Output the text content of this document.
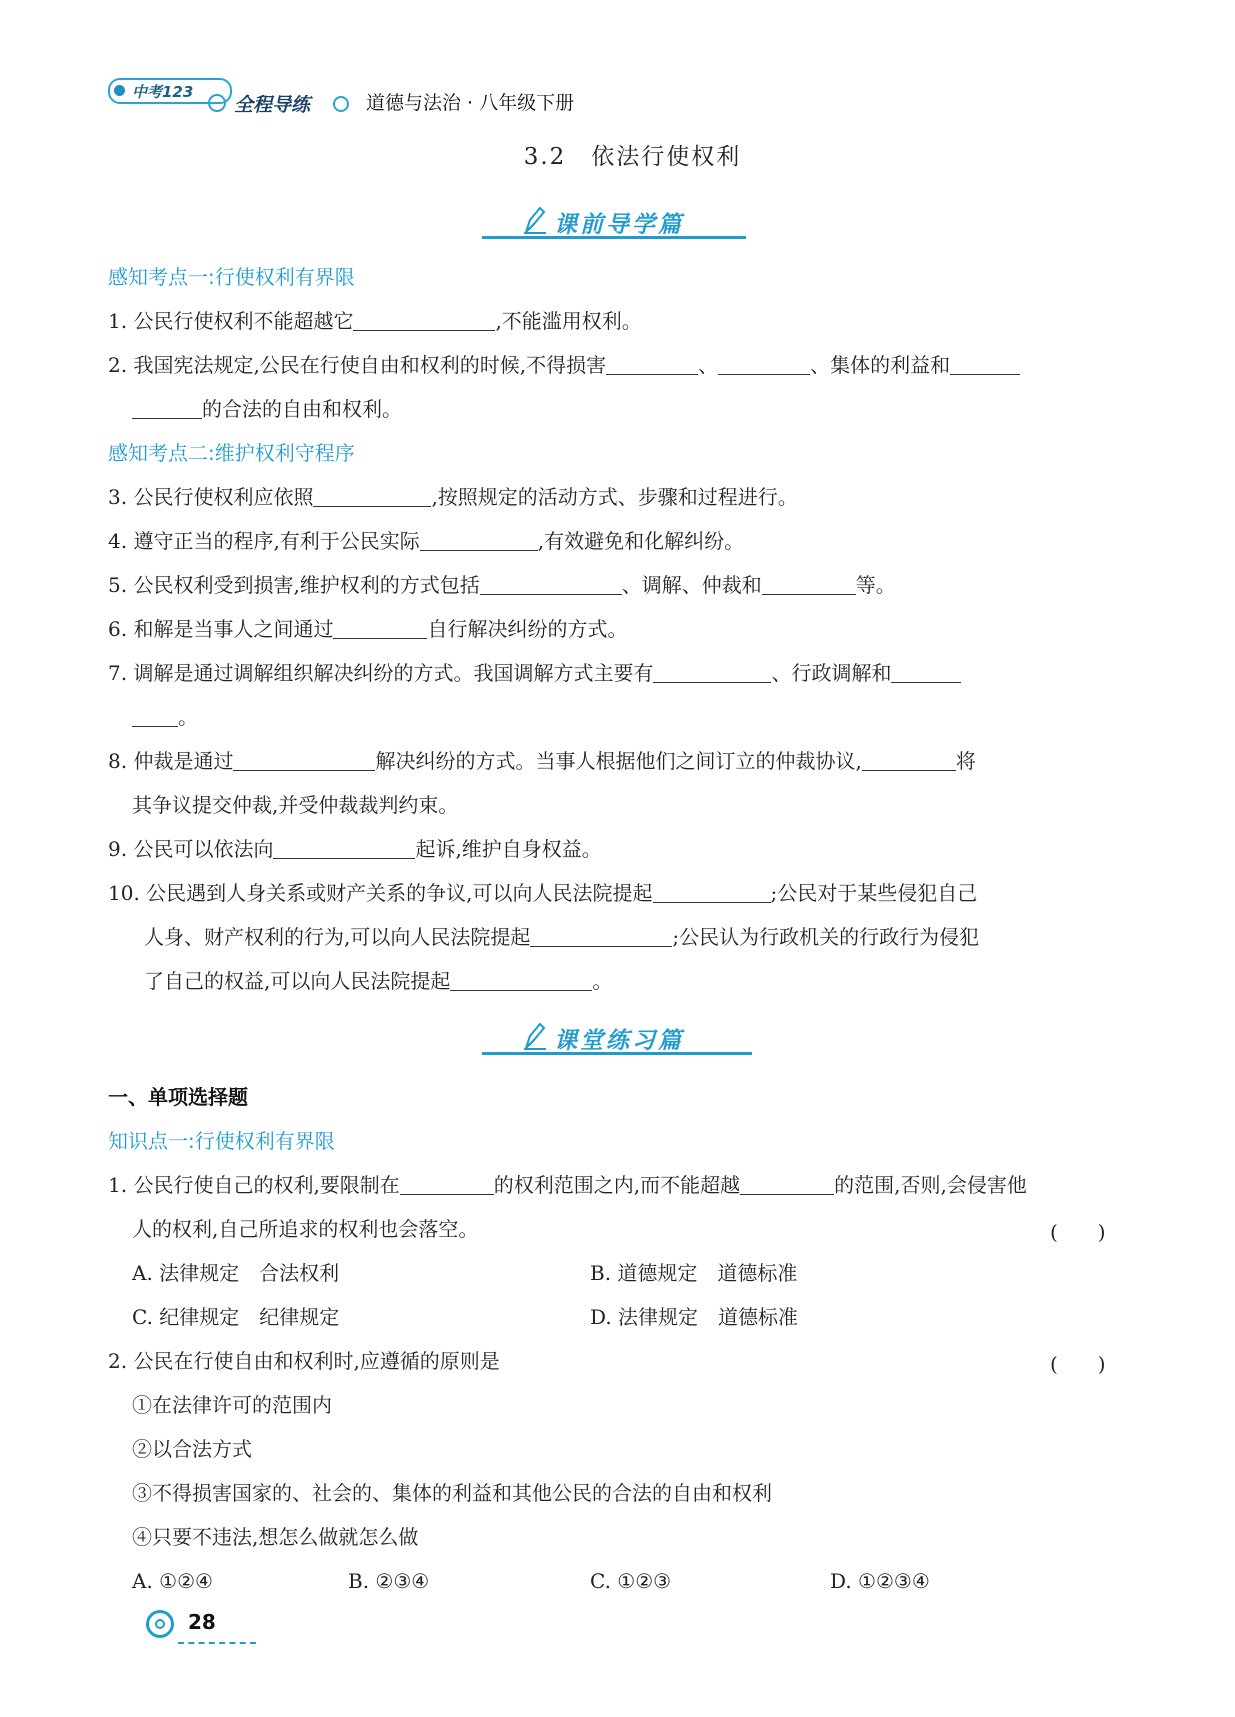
中考123
全程导练	道德与法治 · 八年级下册
3.2　依法行使权利
课前导学篇
感知考点一:行使权利有界限
1. 公民行使权利不能超越它	,不能滥用权利。
2. 我国宪法规定,公民在行使自由和权利的时候,不得损害	、	、集体的利益和
的合法的自由和权利。
感知考点二:维护权利守程序
3. 公民行使权利应依照	,按照规定的活动方式、步骤和过程进行。
4. 遵守正当的程序,有利于公民实际	,有效避免和化解纠纷。
5. 公民权利受到损害,维护权利的方式包括	、调解、仲裁和	等。
6. 和解是当事人之间通过	自行解决纠纷的方式。
7. 调解是通过调解组织解决纠纷的方式。我国调解方式主要有	、行政调解和
。
8. 仲裁是通过	解决纠纷的方式。当事人根据他们之间订立的仲裁协议,	将
其争议提交仲裁,并受仲裁裁判约束。
9. 公民可以依法向	起诉,维护自身权益。
10. 公民遇到人身关系或财产关系的争议,可以向人民法院提起	;公民对于某些侵犯自己
人身、财产权利的行为,可以向人民法院提起	;公民认为行政机关的行政行为侵犯
了自己的权益,可以向人民法院提起	。
课堂练习篇
一、单项选择题
知识点一:行使权利有界限
1. 公民行使自己的权利,要限制在	的权利范围之内,而不能超越	的范围,否则,会侵害他
人的权利,自己所追求的权利也会落空。	(　　)
A. 法律规定　合法权利	B. 道德规定　道德标准
C. 纪律规定　纪律规定	D. 法律规定　道德标准
2. 公民在行使自由和权利时,应遵循的原则是	(　　)
①在法律许可的范围内
②以合法方式
③不得损害国家的、社会的、集体的利益和其他公民的合法的自由和权利
④只要不违法,想怎么做就怎么做
A. ①②④	B. ②③④	C. ①②③	D. ①②③④
28
